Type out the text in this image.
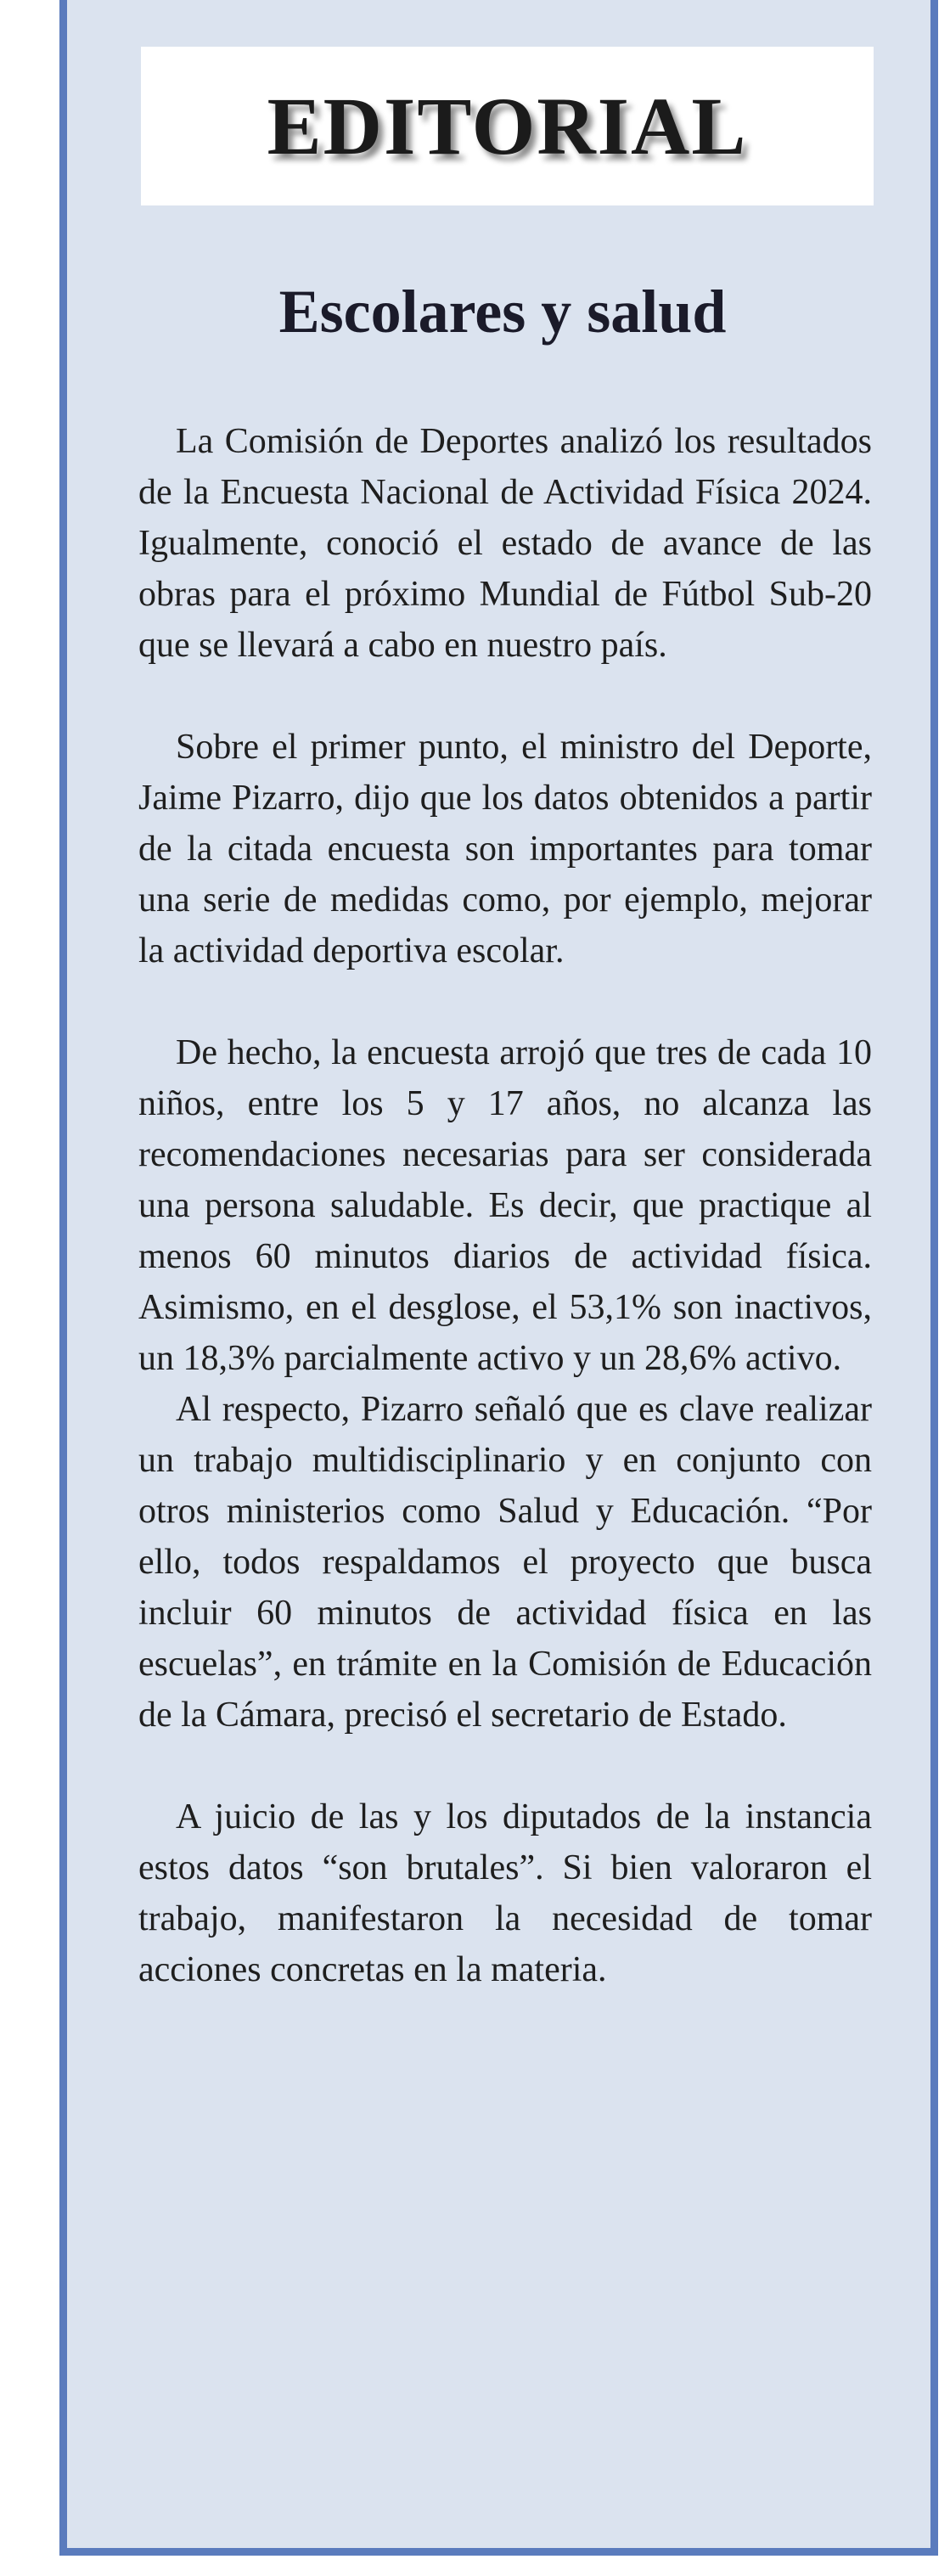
EDITORIAL
Escolares y salud

La Comisión de Deportes analizó los resultados de la Encuesta Nacional de Actividad Física 2024. Igualmente, conoció el estado de avance de las obras para el próximo Mundial de Fútbol Sub-20 que se llevará a cabo en nuestro país.

Sobre el primer punto, el ministro del Deporte, Jaime Pizarro, dijo que los datos obtenidos a partir de la citada encuesta son importantes para tomar una serie de medidas como, por ejemplo, mejorar la actividad deportiva escolar.

De hecho, la encuesta arrojó que tres de cada 10 niños, entre los 5 y 17 años, no alcanza las recomendaciones necesarias para ser considerada una persona saludable. Es decir, que practique al menos 60 minutos diarios de actividad física. Asimismo, en el desglose, el 53,1% son inactivos, un 18,3% parcialmente activo y un 28,6% activo.

Al respecto, Pizarro señaló que es clave realizar un trabajo multidisciplinario y en conjunto con otros ministerios como Salud y Educación. “Por ello, todos respaldamos el proyecto que busca incluir 60 minutos de actividad física en las escuelas”, en trámite en la Comisión de Educación de la Cámara, precisó el secretario de Estado.

A juicio de las y los diputados de la instancia estos datos “son brutales”. Si bien valoraron el trabajo, manifestaron la necesidad de tomar acciones concretas en la materia.
